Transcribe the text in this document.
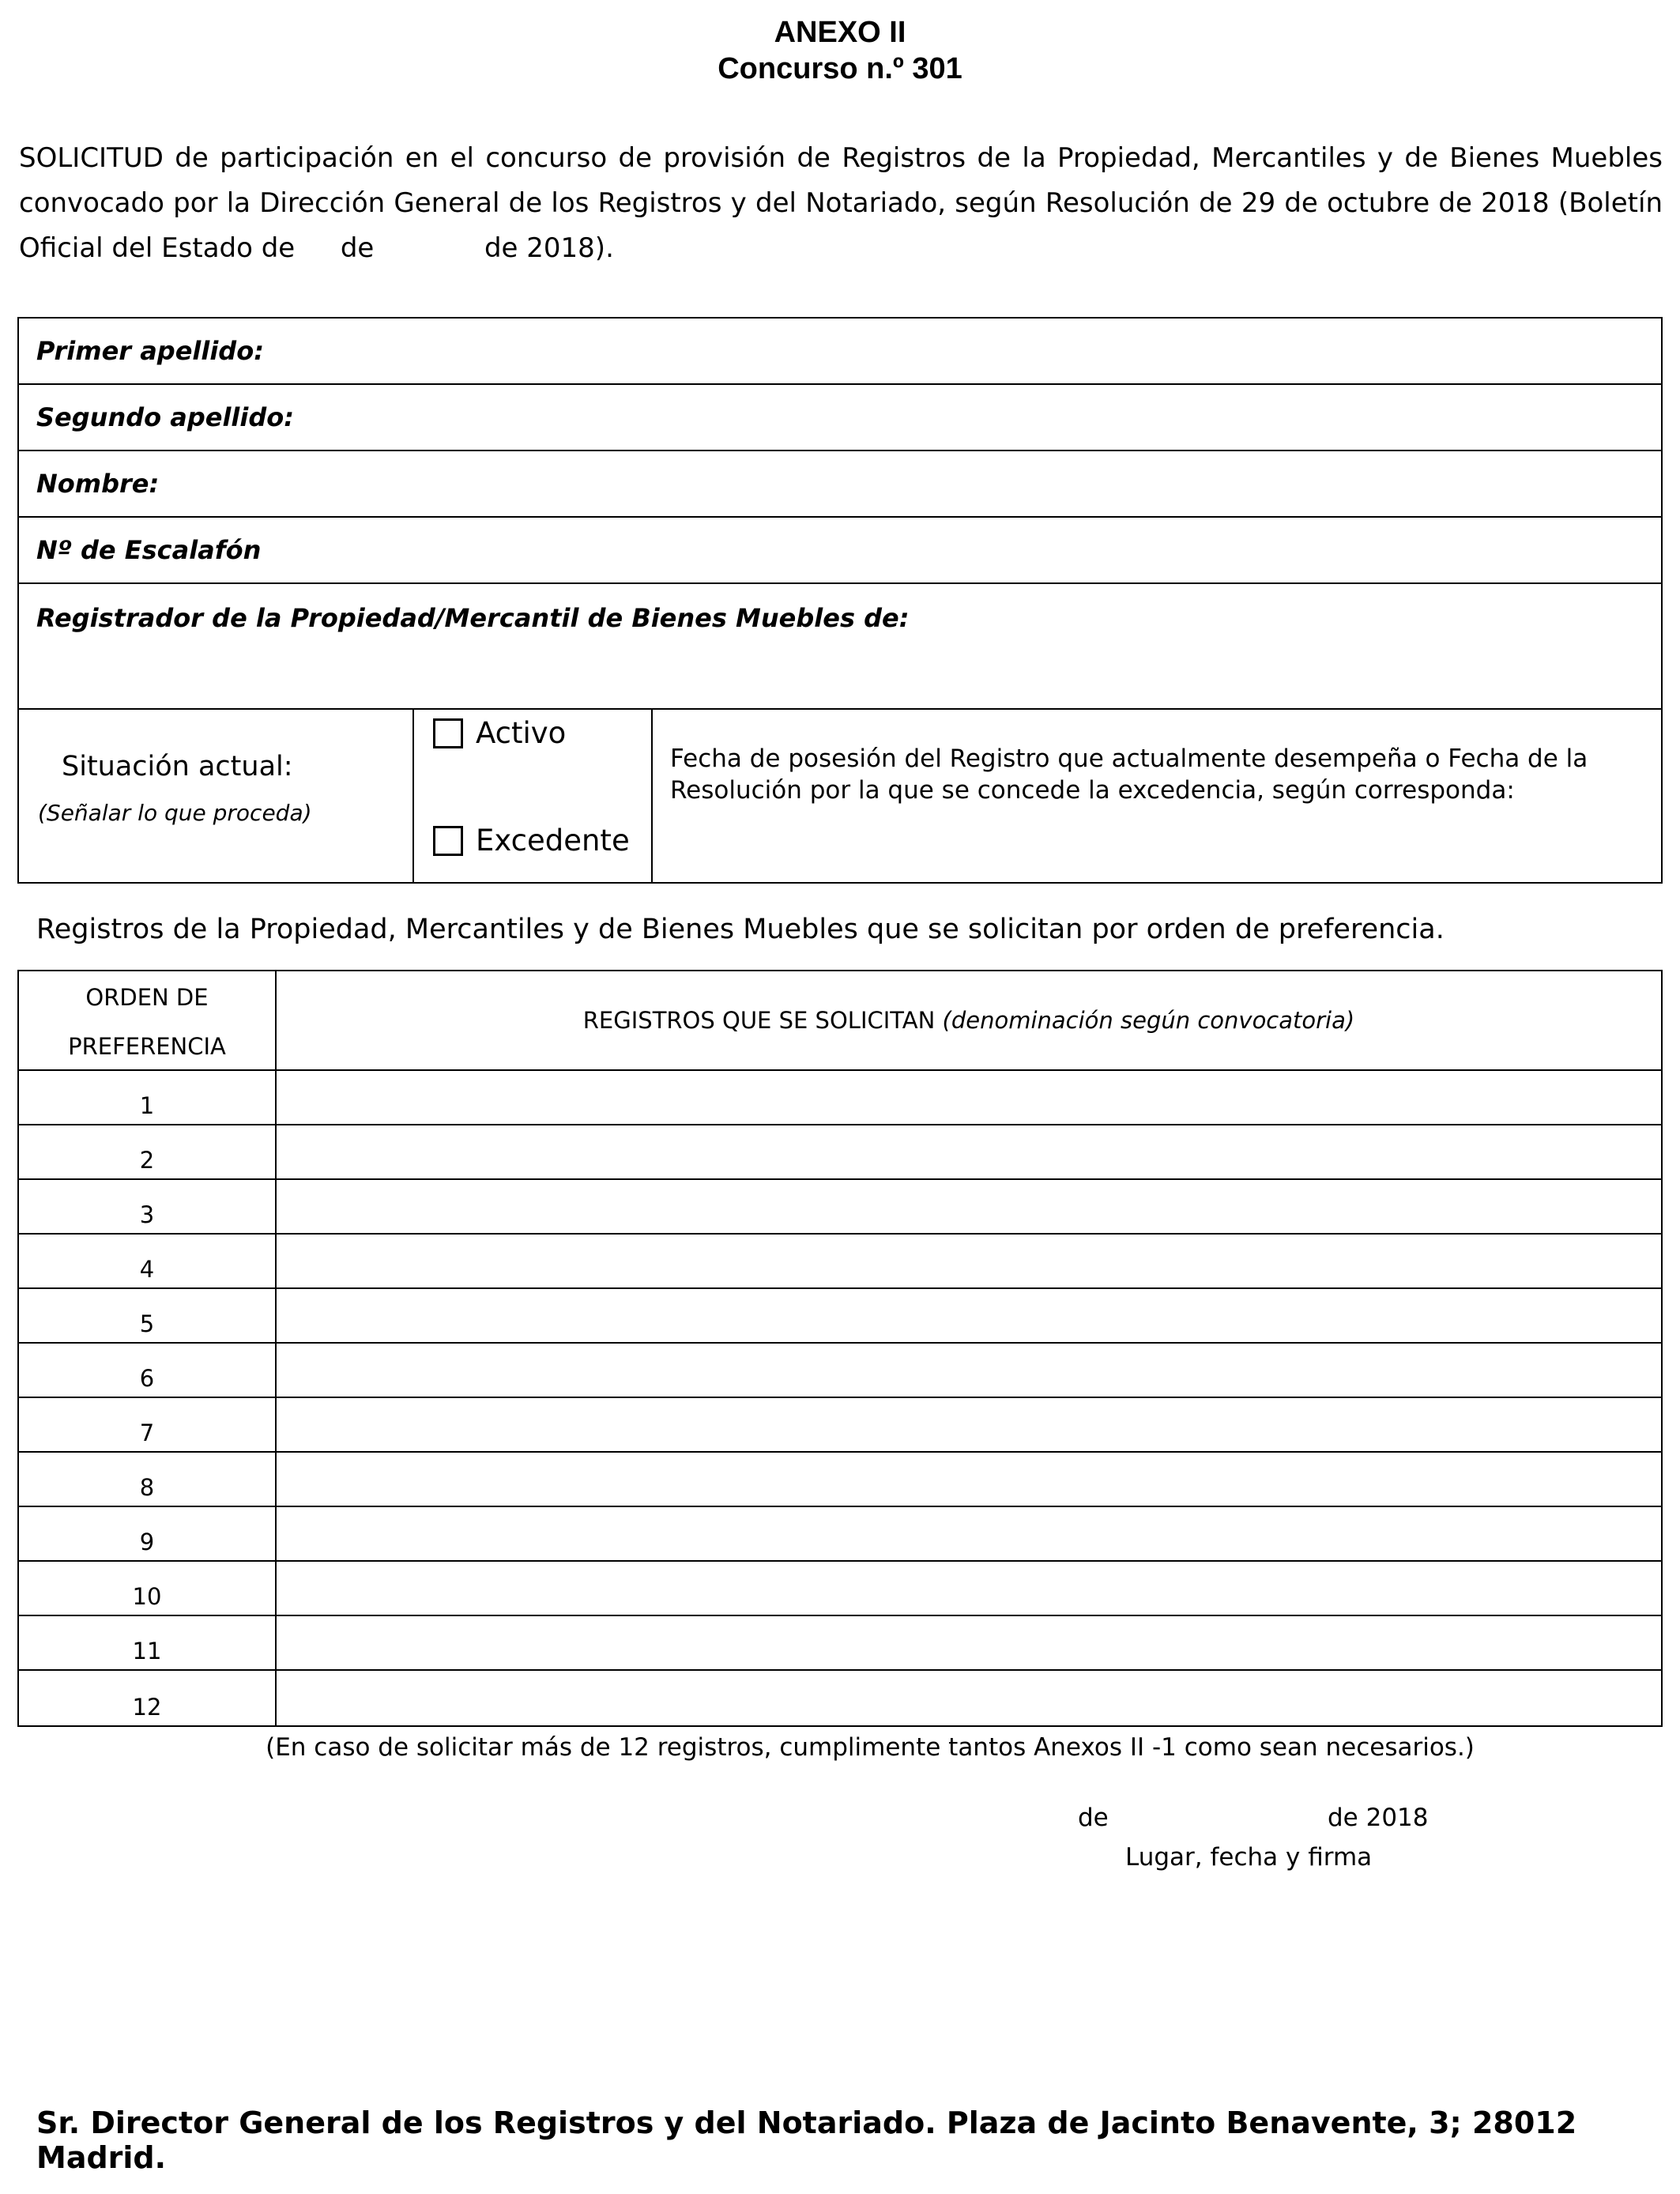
ANEXO II
Concurso n.º 301
SOLICITUD de participación en el concurso de provisión de Registros de la Propiedad, Mercantiles y de Bienes Muebles convocado por la Dirección General de los Registros y del Notariado, según Resolución de 29 de octubre de 2018 (Boletín Oficial del Estado de de	de 2018).
Primer apellido:
Segundo apellido:
Nombre:
Nº de Escalafón
Registrador de la Propiedad/Mercantil de Bienes Muebles de:
Situación actual:
(Señalar lo que proceda)
Activo
Excedente
Fecha de posesión del Registro que actualmente desempeña o Fecha de la Resolución por la que se concede la excedencia, según corresponda:
Registros de la Propiedad, Mercantiles y de Bienes Muebles que se solicitan por orden de preferencia.
ORDEN DE
PREFERENCIA
REGISTROS QUE SE SOLICITAN
(denominación según convocatoria)
1
2
3
4
5
6
7
8
9
10
11
12
(En caso de solicitar más de 12 registros, cumplimente tantos Anexos II -1 como sean necesarios.)
de	de 2018
Lugar, fecha y firma
Sr. Director General de los Registros y del Notariado. Plaza de Jacinto Benavente, 3; 28012 Madrid.
